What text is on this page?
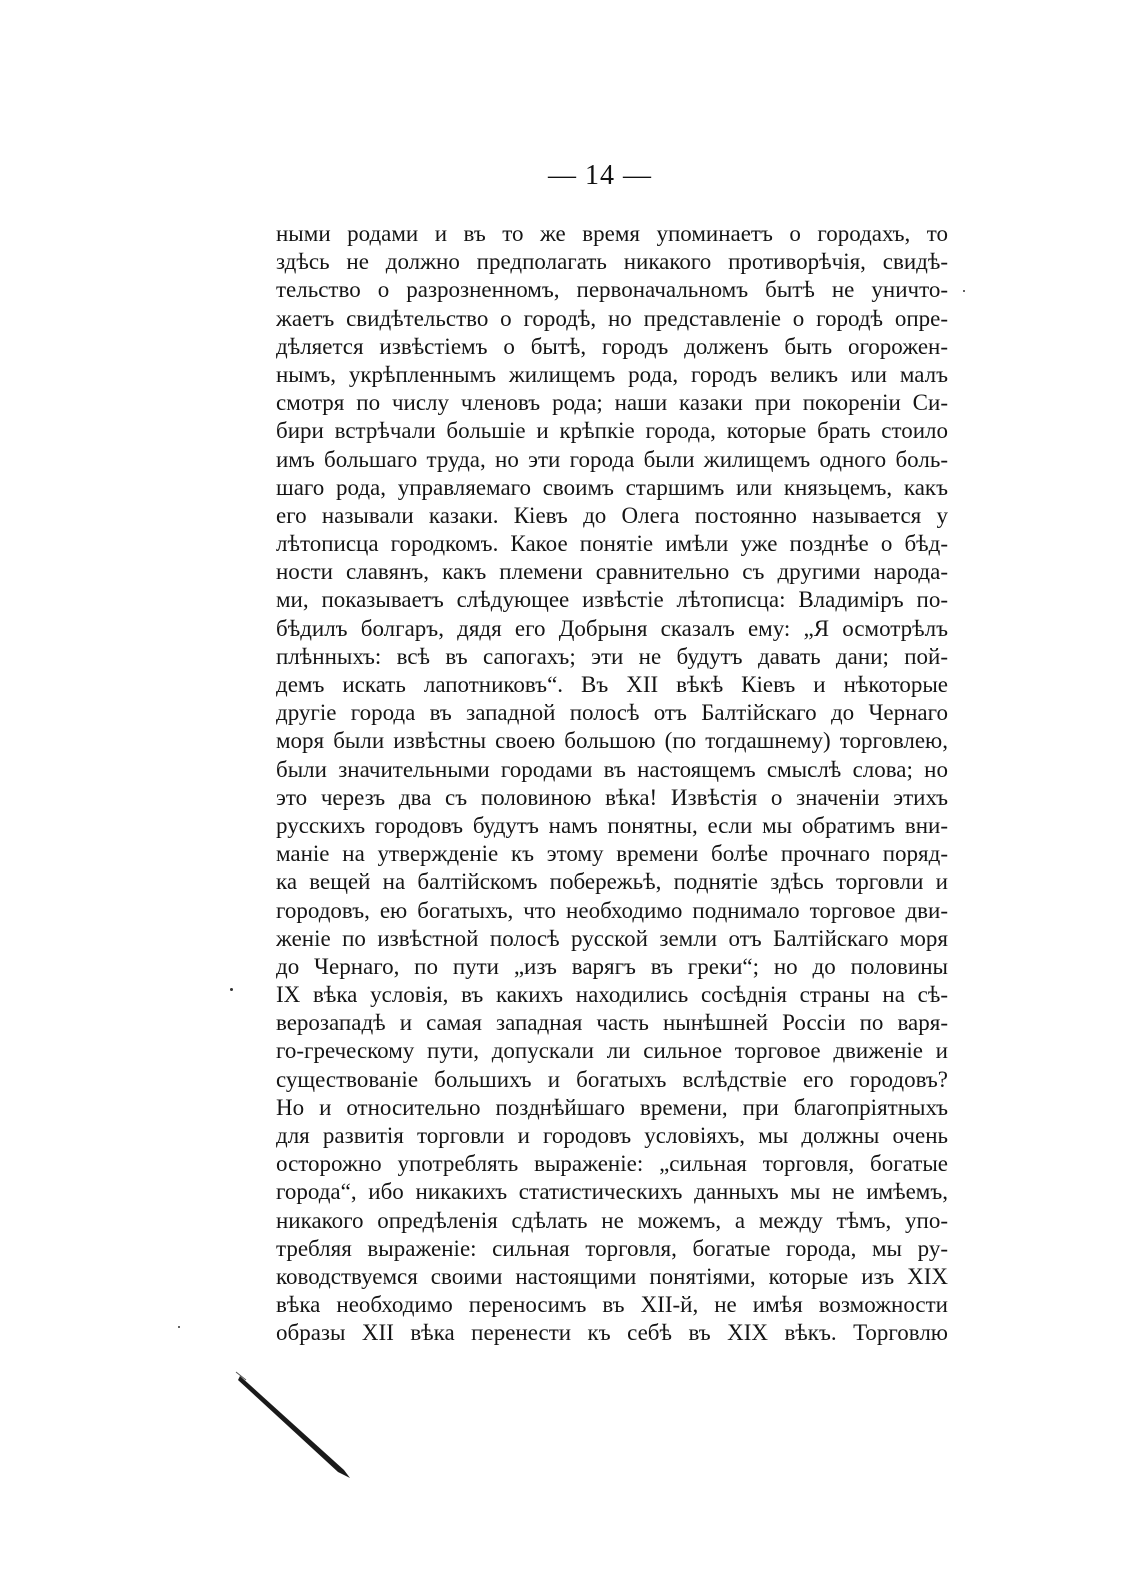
— 14 —
ными родами и въ то же время упоминаетъ о городахъ, то
здѣсь не должно предполагать никакого противорѣчія, свидѣ-
тельство о разрозненномъ, первоначальномъ бытѣ не уничто-
жаетъ свидѣтельство о городѣ, но представленіе о городѣ опре-
дѣляется извѣстіемъ о бытѣ, городъ долженъ быть огорожен-
нымъ, укрѣпленнымъ жилищемъ рода, городъ великъ или малъ
смотря по числу членовъ рода; наши казаки при покореніи Си-
бири встрѣчали большіе и крѣпкіе города, которые брать стоило
имъ большаго труда, но эти города были жилищемъ одного боль-
шаго рода, управляемаго своимъ старшимъ или князьцемъ, какъ
его называли казаки. Кіевъ до Олега постоянно называется у
лѣтописца городкомъ. Какое понятіе имѣли уже позднѣе о бѣд-
ности славянъ, какъ племени сравнительно съ другими народа-
ми, показываетъ слѣдующее извѣстіе лѣтописца: Владиміръ по-
бѣдилъ болгаръ, дядя его Добрыня сказалъ ему: „Я осмотрѣлъ
плѣнныхъ: всѣ въ сапогахъ; эти не будутъ давать дани; пой-
демъ искать лапотниковъ“. Въ XII вѣкѣ Кіевъ и нѣкоторые
другіе города въ западной полосѣ отъ Балтійскаго до Чернаго
моря были извѣстны своею большою (по тогдашнему) торговлею,
были значительными городами въ настоящемъ смыслѣ слова; но
это черезъ два съ половиною вѣка! Извѣстія о значеніи этихъ
русскихъ городовъ будутъ намъ понятны, если мы обратимъ вни-
маніе на утвержденіе къ этому времени болѣе прочнаго поряд-
ка вещей на балтійскомъ побережьѣ, поднятіе здѣсь торговли и
городовъ, ею богатыхъ, что необходимо поднимало торговое дви-
женіе по извѣстной полосѣ русской земли отъ Балтійскаго моря
до Чернаго, по пути „изъ варягъ въ греки“; но до половины
IX вѣка условія, въ какихъ находились сосѣднія страны на сѣ-
верозападѣ и самая западная часть нынѣшней Россіи по варя-
го-греческому пути, допускали ли сильное торговое движеніе и
существованіе большихъ и богатыхъ вслѣдствіе его городовъ?
Но и относительно позднѣйшаго времени, при благопріятныхъ
для развитія торговли и городовъ условіяхъ, мы должны очень
осторожно употреблять выраженіе: „сильная торговля, богатые
города“, ибо никакихъ статистическихъ данныхъ мы не имѣемъ,
никакого опредѣленія сдѣлать не можемъ, а между тѣмъ, упо-
требляя выраженіе: сильная торговля, богатые города, мы ру-
ководствуемся своими настоящими понятіями, которые изъ XIX
вѣка необходимо переносимъ въ XII-й, не имѣя возможности
образы XII вѣка перенести къ себѣ въ XIX вѣкъ. Торговлю
